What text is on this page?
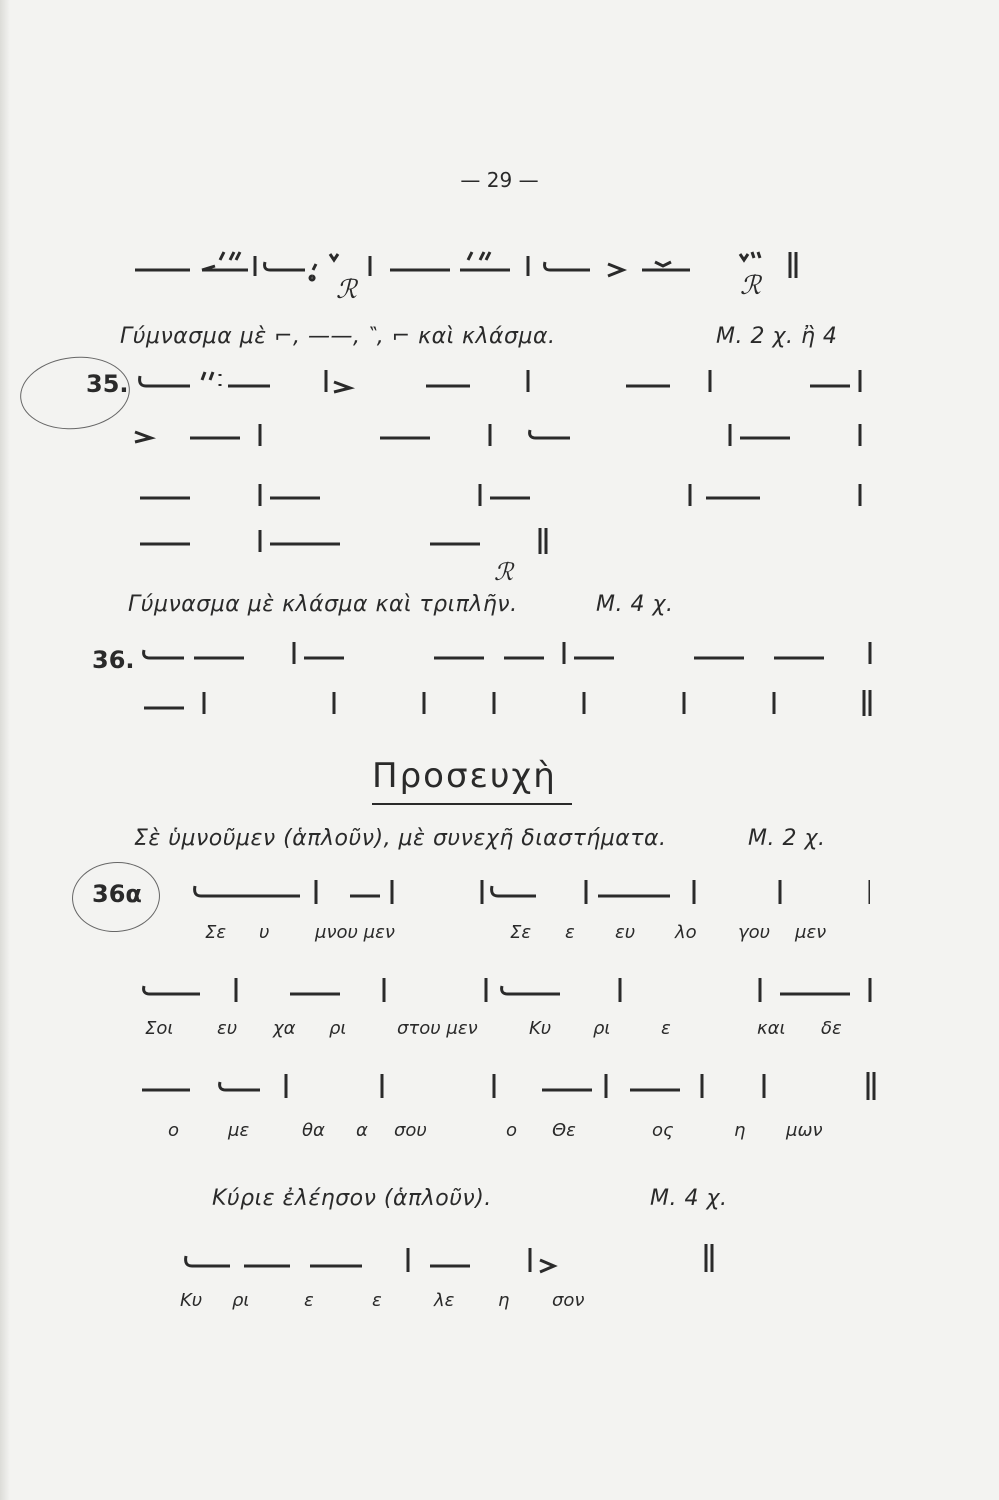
— 29 —
ℛ	ℛ
Γύμνασμα μὲ ⌐, ——, ‶, ⌐ καὶ κλάσμα.	Μ. 2 χ. ἢ 4
35.
ℛ
Γύμνασμα μὲ κλάσμα καὶ τριπλῆν.	Μ. 4 χ.
36.
Προσευχὴ
Σὲ ὑμνοῦμεν (ἁπλοῦν), μὲ συνεχῆ διαστήματα.	Μ. 2 χ.
36α
Σε υ	μνου μεν	Σε ε ευ λο γου μεν
Σοι ευ χα ρι	στου μεν	Κυ ρι	ε	και δε
ο	με	θα α σου	ο Θε	ος	η μων
Κύριε ἐλέησον (ἁπλοῦν).	Μ. 4 χ.
Κυ ρι	ε	ε	λε η σον
